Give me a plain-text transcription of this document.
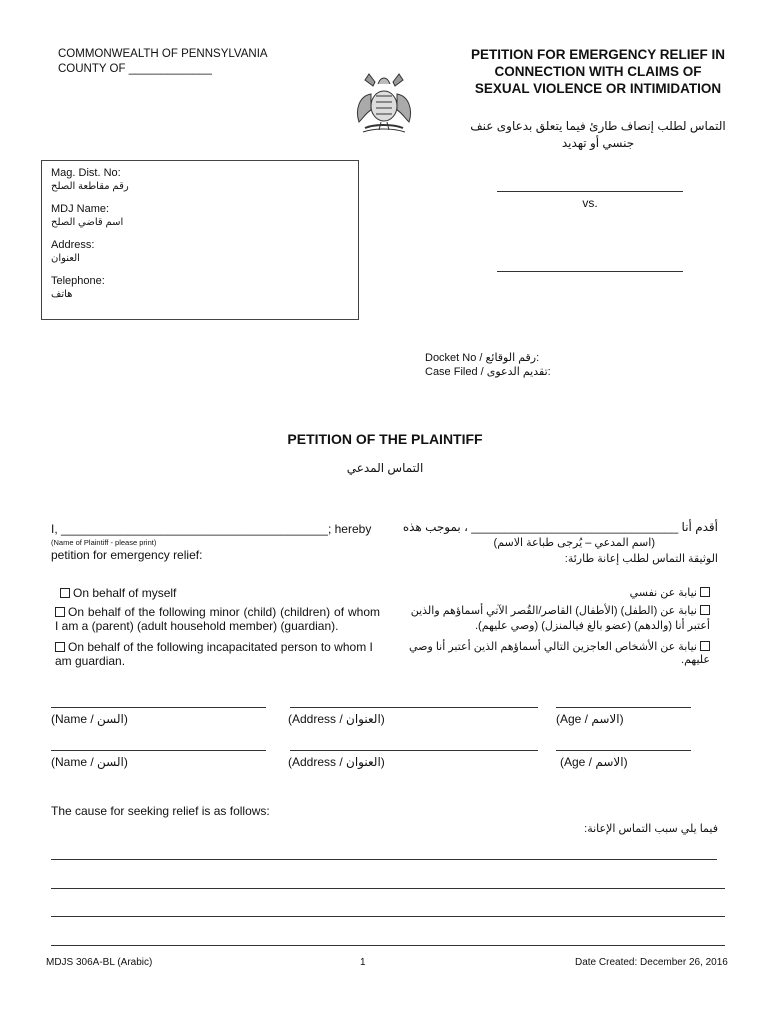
COMMONWEALTH OF PENNSYLVANIA
COUNTY OF _____________
PETITION FOR EMERGENCY RELIEF IN CONNECTION WITH CLAIMS OF SEXUAL VIOLENCE OR INTIMIDATION
التماس لطلب إنصاف طارئ فيما يتعلق بدعاوى عنف جنسي أو تهديد
Mag. Dist. No:
رقم مقاطعة الصلح
MDJ Name:
اسم قاضي الصلح
Address:
العنوان
Telephone:
هاتف
vs.
Docket No / رقم الوقائع:
Case Filed / تقديم الدعوى:
PETITION OF THE PLAINTIFF
التماس المدعي
I, ________________________________________; hereby	أقدم أنا _______________________________ ، بموجب هذه
(Name of Plaintiff - please print)	(اسم المدعي – يُرجى طباعة الاسم)
petition for emergency relief:	الوثيقة التماس لطلب إعانة طارئة:
On behalf of myself
On behalf of the following minor (child) (children) of whom I am a (parent) (adult household member) (guardian).
On behalf of the following incapacitated person to whom I am guardian.
نيابة عن نفسي
نيابة عن (الطفل) (الأطفال) القاصر/القُصر الآتي أسماؤهم والذين أعتبر أنا (والدهم) (عضو بالغ فيالمنزل) (وصي عليهم).
نيابة عن الأشخاص العاجزين التالي أسماؤهم الذين أعتبر أنا وصي عليهم.
(Name / السن)	(Address / العنوان)	(Age / الاسم)
(Name / السن)	(Address / العنوان)	(Age / الاسم)
The cause for seeking relief is as follows:
فيما يلي سبب التماس الإعانة:
MDJS 306A-BL (Arabic)	1	Date Created: December 26, 2016
